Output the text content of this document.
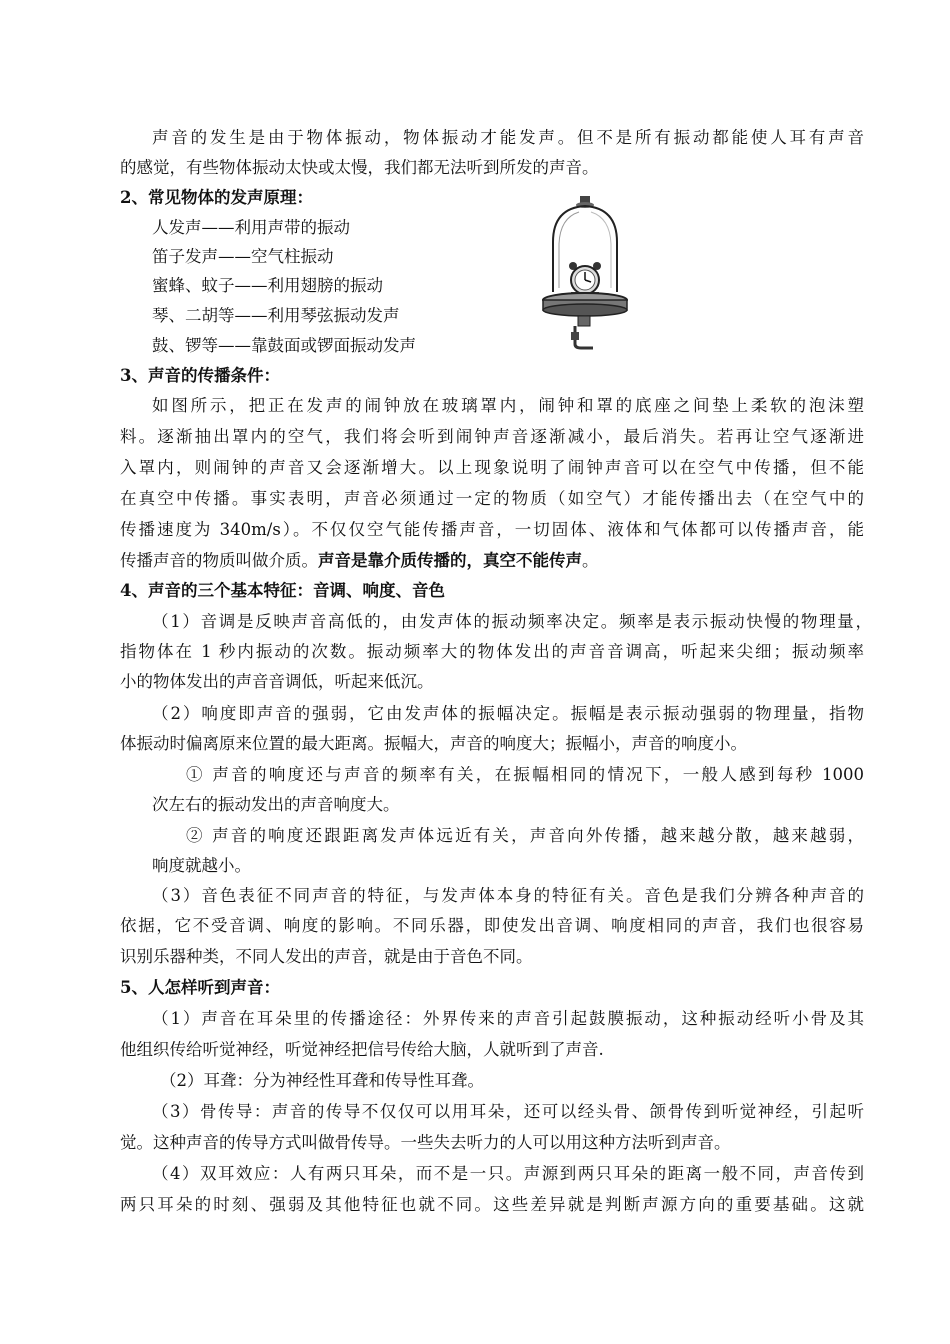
声音的发生是由于物体振动，物体振动才能发声。但不是所有振动都能使人耳有声音
的感觉，有些物体振动太快或太慢，我们都无法听到所发的声音。
2、常见物体的发声原理：
人发声——利用声带的振动
笛子发声——空气柱振动
蜜蜂、蚊子——利用翅膀的振动
琴、二胡等——利用琴弦振动发声
鼓、锣等——靠鼓面或锣面振动发声
3、声音的传播条件：
如图所示，把正在发声的闹钟放在玻璃罩内，闹钟和罩的底座之间垫上柔软的泡沫塑
料。逐渐抽出罩内的空气，我们将会听到闹钟声音逐渐减小，最后消失。若再让空气逐渐进
入罩内，则闹钟的声音又会逐渐增大。以上现象说明了闹钟声音可以在空气中传播，但不能
在真空中传播。事实表明，声音必须通过一定的物质（如空气）才能传播出去（在空气中的
传播速度为 340m/s）。不仅仅空气能传播声音，一切固体、液体和气体都可以传播声音，能
传播声音的物质叫做介质。声音是靠介质传播的，真空不能传声。
4、声音的三个基本特征：音调、响度、音色
（1）音调是反映声音高低的，由发声体的振动频率决定。频率是表示振动快慢的物理量，
指物体在 1 秒内振动的次数。振动频率大的物体发出的声音音调高，听起来尖细；振动频率
小的物体发出的声音音调低，听起来低沉。
（2）响度即声音的强弱，它由发声体的振幅决定。振幅是表示振动强弱的物理量，指物
体振动时偏离原来位置的最大距离。振幅大，声音的响度大；振幅小，声音的响度小。
① 声音的响度还与声音的频率有关，在振幅相同的情况下，一般人感到每秒 1000
次左右的振动发出的声音响度大。
② 声音的响度还跟距离发声体远近有关，声音向外传播，越来越分散，越来越弱，
响度就越小。
（3）音色表征不同声音的特征，与发声体本身的特征有关。音色是我们分辨各种声音的
依据，它不受音调、响度的影响。不同乐器，即使发出音调、响度相同的声音，我们也很容易
识别乐器种类，不同人发出的声音，就是由于音色不同。
5、人怎样听到声音：
（1）声音在耳朵里的传播途径：外界传来的声音引起鼓膜振动，这种振动经听小骨及其
他组织传给听觉神经，听觉神经把信号传给大脑，人就听到了声音.
（2）耳聋：分为神经性耳聋和传导性耳聋。
（3）骨传导：声音的传导不仅仅可以用耳朵，还可以经头骨、颌骨传到听觉神经，引起听
觉。这种声音的传导方式叫做骨传导。一些失去听力的人可以用这种方法听到声音。
（4）双耳效应：人有两只耳朵，而不是一只。声源到两只耳朵的距离一般不同，声音传到
两只耳朵的时刻、强弱及其他特征也就不同。这些差异就是判断声源方向的重要基础。这就
